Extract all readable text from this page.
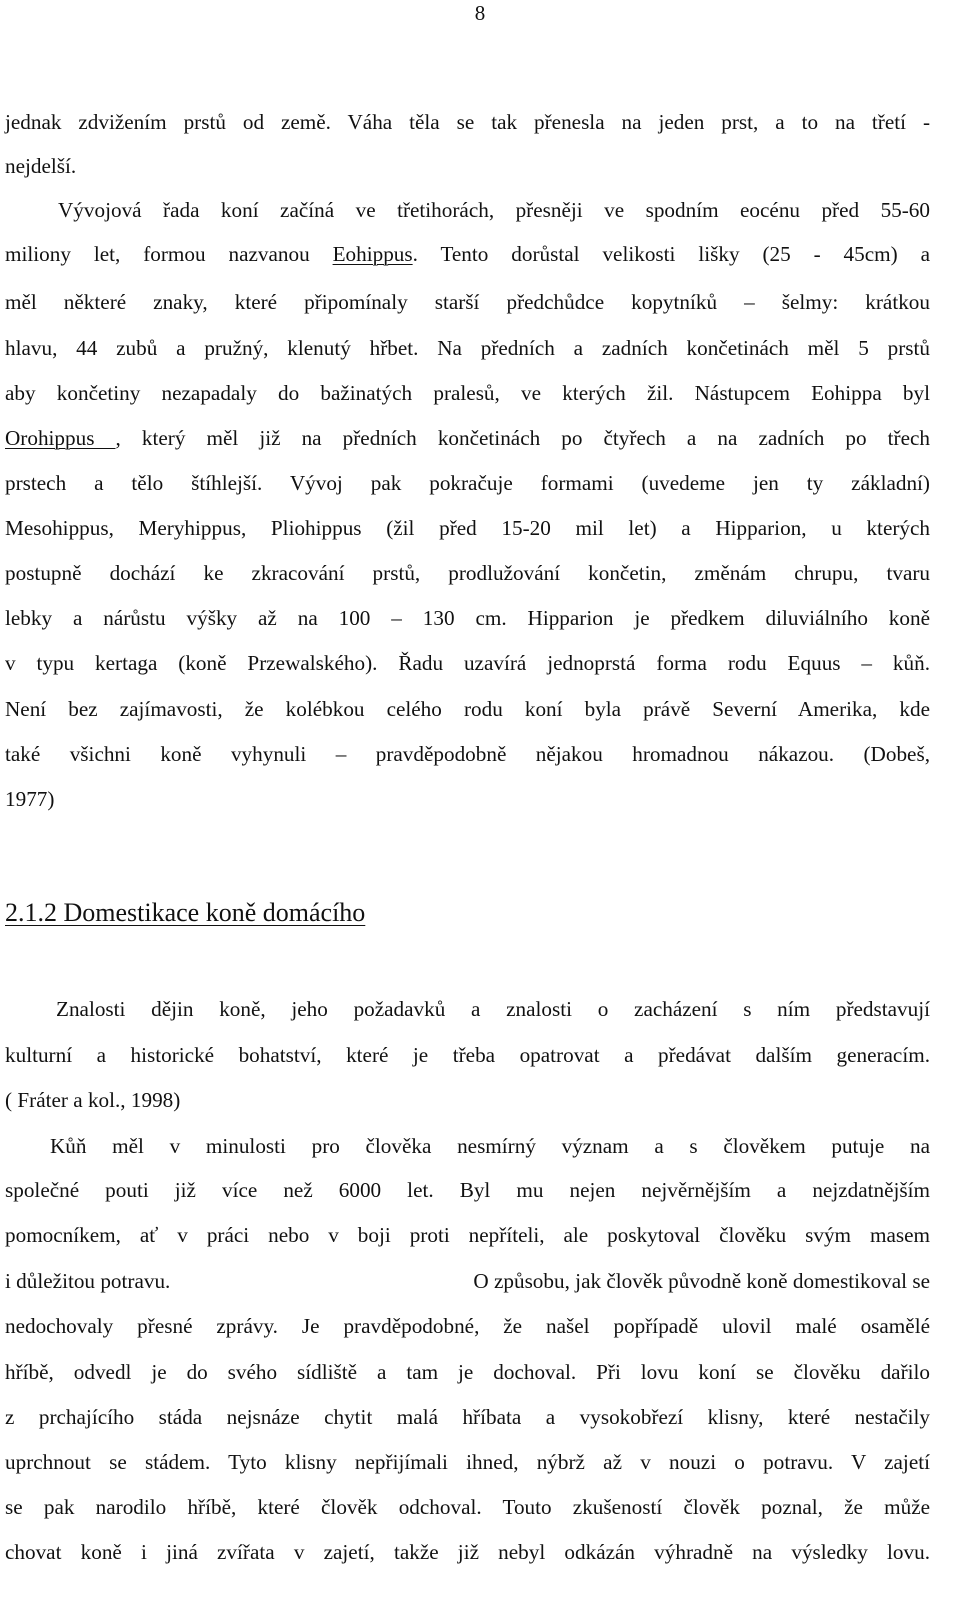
8
jednak zdvižením prstů od země. Váha těla se tak přenesla na jeden prst, a to na třetí -
nejdelší.
Vývojová řada koní začíná ve třetihorách, přesněji ve spodním eocénu před 55-60
miliony let, formou nazvanou Eohippus. Tento dorůstal velikosti lišky (25 - 45cm) a
měl některé znaky, které připomínaly starší předchůdce kopytníků – šelmy: krátkou
hlavu, 44 zubů a pružný, klenutý hřbet. Na předních a zadních končetinách měl 5 prstů
aby končetiny nezapadaly do bažinatých pralesů, ve kterých žil. Nástupcem Eohippa byl
Orohippus , který měl již na předních končetinách po čtyřech a na zadních po třech
prstech a tělo štíhlejší. Vývoj pak pokračuje formami (uvedeme jen ty základní)
Mesohippus, Meryhippus, Pliohippus (žil před 15-20 mil let) a Hipparion, u kterých
postupně dochází ke zkracování prstů, prodlužování končetin, změnám chrupu, tvaru
lebky a nárůstu výšky až na 100 – 130 cm. Hipparion je předkem diluviálního koně
v typu kertaga (koně Przewalského). Řadu uzavírá jednoprstá forma rodu Equus – kůň.
Není bez zajímavosti, že kolébkou celého rodu koní byla právě Severní Amerika, kde
také všichni koně vyhynuli – pravděpodobně nějakou hromadnou nákazou. (Dobeš,
1977)
2.1.2 Domestikace koně domácího
Znalosti dějin koně, jeho požadavků a znalosti o zacházení s ním představují
kulturní a historické bohatství, které je třeba opatrovat a předávat dalším generacím.
( Fráter a kol., 1998)
Kůň měl v minulosti pro člověka nesmírný význam a s člověkem putuje na
společné pouti již více než 6000 let. Byl mu nejen nejvěrnějším a nejzdatnějším
pomocníkem, ať v práci nebo v boji proti nepříteli, ale poskytoval člověku svým masem
i důležitou potravu.	O způsobu, jak člověk původně koně domestikoval se
nedochovaly přesné zprávy. Je pravděpodobné, že našel popřípadě ulovil malé osamělé
hříbě, odvedl je do svého sídliště a tam je dochoval. Při lovu koní se člověku dařilo
z prchajícího stáda nejsnáze chytit malá hříbata a vysokobřezí klisny, které nestačily
uprchnout se stádem. Tyto klisny nepřijímali ihned, nýbrž až v nouzi o potravu. V zajetí
se pak narodilo hříbě, které člověk odchoval. Touto zkušeností člověk poznal, že může
chovat koně i jiná zvířata v zajetí, takže již nebyl odkázán výhradně na výsledky lovu.
